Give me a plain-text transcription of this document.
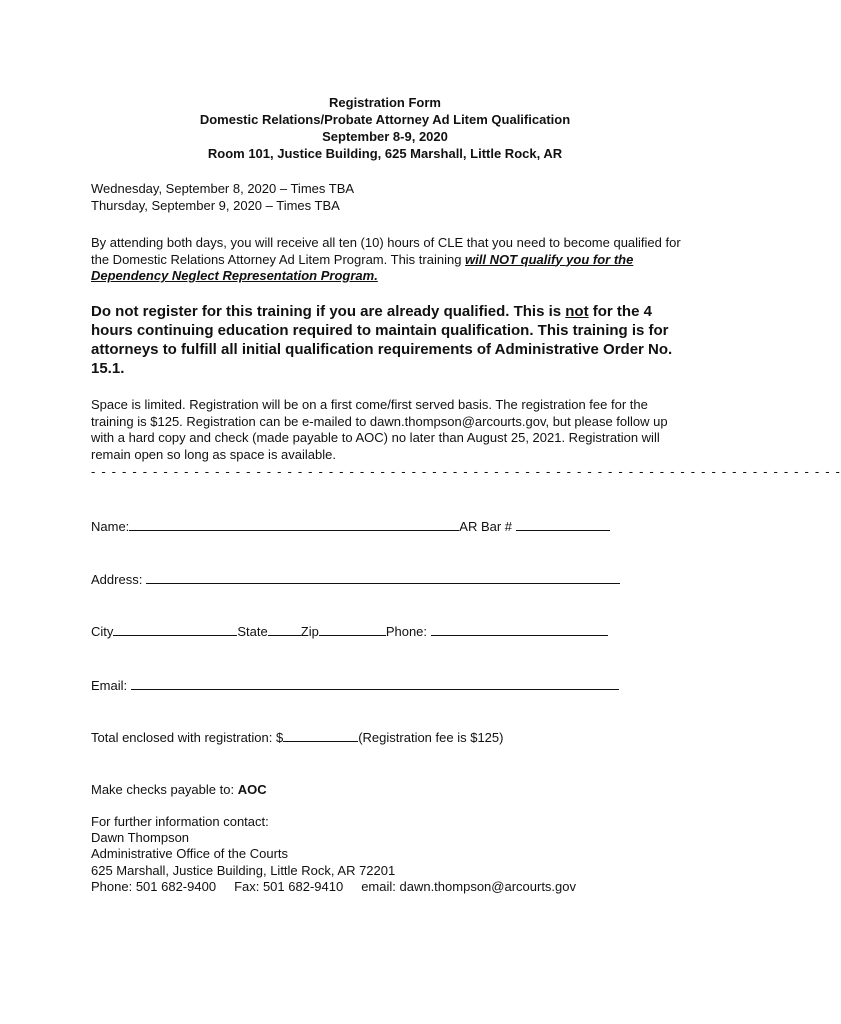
Registration Form
Domestic Relations/Probate Attorney Ad Litem Qualification
September 8-9, 2020
Room 101, Justice Building, 625 Marshall, Little Rock, AR
Wednesday, September 8, 2020 – Times TBA
Thursday, September 9, 2020 – Times TBA
By attending both days, you will receive all ten (10) hours of CLE that you need to become qualified for the Domestic Relations Attorney Ad Litem Program. This training will NOT qualify you for the Dependency Neglect Representation Program.
Do not register for this training if you are already qualified. This is not for the 4 hours continuing education required to maintain qualification. This training is for attorneys to fulfill all initial qualification requirements of Administrative Order No. 15.1.
Space is limited. Registration will be on a first come/first served basis. The registration fee for the training is $125. Registration can be e-mailed to dawn.thompson@arcourts.gov, but please follow up with a hard copy and check (made payable to AOC) no later than August 25, 2021. Registration will remain open so long as space is available.
- - - - - - - - - - - - - - - - - - - - - - - - - - - - - - - - - - - - - - - - - - - - - - - - - - - - - - - - - - - - - - - - - - - - - - - - -
Name:	AR Bar #
Address:
City	State	Zip	Phone:
Email:
Total enclosed with registration: $	(Registration fee is $125)
Make checks payable to: AOC
For further information contact:
Dawn Thompson
Administrative Office of the Courts
625 Marshall, Justice Building, Little Rock, AR 72201
Phone: 501 682-9400 Fax: 501 682-9410 email: dawn.thompson@arcourts.gov
